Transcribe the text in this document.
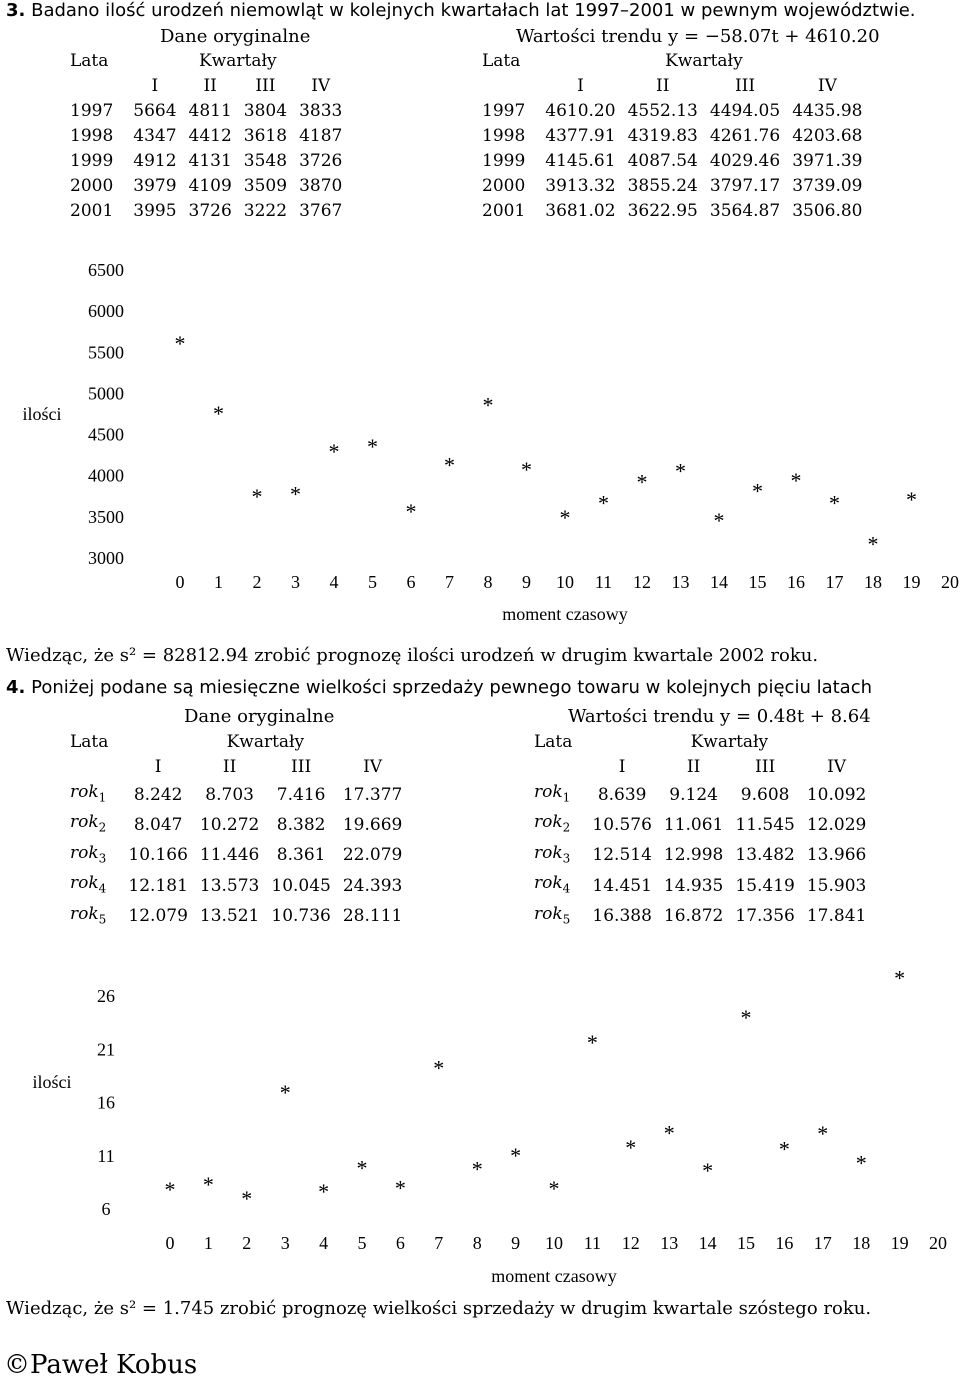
3. Badano ilość urodzeń niemowląt w kolejnych kwartałach lat 1997–2001 w pewnym województwie.
Dane oryginalne	Wartości trendu y = −58.07t + 4610.20
Lata	Kwartały			
	I	II	III	IV
1997	5664	4811	3804	3833
1998	4347	4412	3618	4187
1999	4912	4131	3548	3726
2000	3979	4109	3509	3870
2001	3995	3726	3222	3767
Lata	Kwartały			
	I	II	III	IV
1997	4610.20	4552.13	4494.05	4435.98
1998	4377.91	4319.83	4261.76	4203.68
1999	4145.61	4087.54	4029.46	3971.39
2000	3913.32	3855.24	3797.17	3739.09
2001	3681.02	3622.95	3564.87	3506.80
3000
3500
4000
4500
5000
5500
6000
6500
0 1 2 3 4 5 6 7 8 9 10 11 12 13 14 15 16 17 18 19 20
ilości
moment czasowy
*
*
* *
* *
*
*
*
*
*
*
* *
*
* *
*
*
*
Wiedząc, że s² = 82812.94 zrobić prognozę ilości urodzeń w drugim kwartale 2002 roku.
4. Poniżej podane są miesięczne wielkości sprzedaży pewnego towaru w kolejnych pięciu latach
Dane oryginalne	Wartości trendu y = 0.48t + 8.64
Lata	Kwartały			
	I	II	III	IV
rok$_1$	8.242	8.703	7.416	17.377
rok$_2$	8.047	10.272	8.382	19.669
rok$_3$	10.166	11.446	8.361	22.079
rok$_4$	12.181	13.573	10.045	24.393
rok$_5$	12.079	13.521	10.736	28.111
Lata	Kwartały			
	I	II	III	IV
rok$_1$	8.639	9.124	9.608	10.092
rok$_2$	10.576	11.061	11.545	12.029
rok$_3$	12.514	12.998	13.482	13.966
rok$_4$	14.451	14.935	15.419	15.903
rok$_5$	16.388	16.872	17.356	17.841
6
11
16
21
26
0 1 2 3 4 5 6 7 8 9 10 11 12 13 14 15 16 17 18 19 20
ilości
moment czasowy
* *
*
*
*
*
*
*
*
*
*
*
*
*
*
*
*
*
*
*
Wiedząc, że s² = 1.745 zrobić prognozę wielkości sprzedaży w drugim kwartale szóstego roku.
©Paweł Kobus
